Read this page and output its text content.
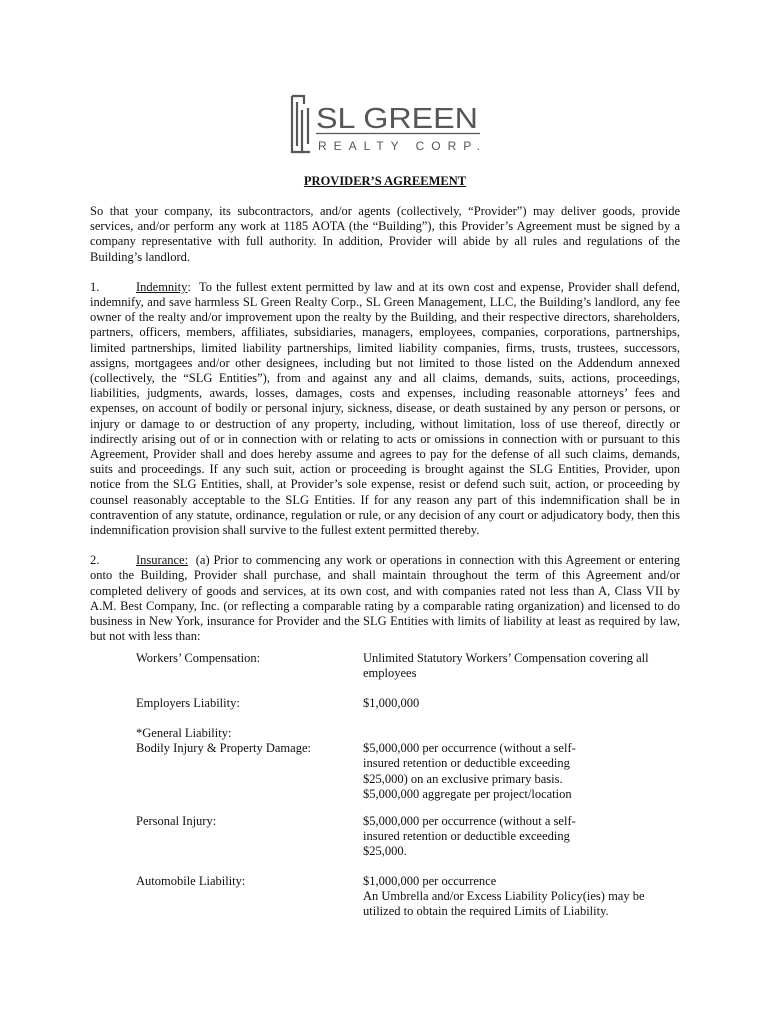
SL GREEN
REALTY CORP.
PROVIDER’S AGREEMENT

So that your company, its subcontractors, and/or agents (collectively, “Provider”) may deliver goods, provide services, and/or perform any work at 1185 AOTA (the “Building”), this Provider’s Agreement must be signed by a company representative with full authority. In addition, Provider will abide by all rules and regulations of the Building’s landlord.

1.	Indemnity:  To the fullest extent permitted by law and at its own cost and expense, Provider shall defend, indemnify, and save harmless SL Green Realty Corp., SL Green Management, LLC, the Building’s landlord, any fee owner of the realty and/or improvement upon the realty by the Building, and their respective directors, shareholders, partners, officers, members, affiliates, subsidiaries, managers, employees, companies, corporations, partnerships, limited partnerships, limited liability partnerships, limited liability companies, firms, trusts, trustees, successors, assigns, mortgagees and/or other designees, including but not limited to those listed on the Addendum annexed (collectively, the “SLG Entities”), from and against any and all claims, demands, suits, actions, proceedings, liabilities, judgments, awards, losses, damages, costs and expenses, including reasonable attorneys’ fees and expenses, on account of bodily or personal injury, sickness, disease, or death sustained by any person or persons, or injury or damage to or destruction of any property, including, without limitation, loss of use thereof, directly or indirectly arising out of or in connection with or relating to acts or omissions in connection with or pursuant to this Agreement, Provider shall and does hereby assume and agrees to pay for the defense of all such claims, demands, suits and proceedings. If any such suit, action or proceeding is brought against the SLG Entities, Provider, upon notice from the SLG Entities, shall, at Provider’s sole expense, resist or defend such suit, action, or proceeding by counsel reasonably acceptable to the SLG Entities. If for any reason any part of this indemnification shall be in contravention of any statute, ordinance, regulation or rule, or any decision of any court or adjudicatory body, then this indemnification provision shall survive to the fullest extent permitted thereby.

2.	Insurance: (a) Prior to commencing any work or operations in connection with this Agreement or entering onto the Building, Provider shall purchase, and shall maintain throughout the term of this Agreement and/or completed delivery of goods and services, at its own cost, and with companies rated not less than A, Class VII by A.M. Best Company, Inc. (or reflecting a comparable rating by a comparable rating organization) and licensed to do business in New York, insurance for Provider and the SLG Entities with limits of liability at least as required by law, but not with less than:

Workers’ Compensation:	Unlimited Statutory Workers’ Compensation covering all employees
Employers Liability:	$1,000,000
*General Liability:
Bodily Injury & Property Damage:	
$5,000,000 per occurrence (without a self-
insured retention or deductible exceeding
$25,000) on an exclusive primary basis.
$5,000,000 aggregate per project/location
Personal Injury:	$5,000,000 per occurrence (without a self-
insured retention or deductible exceeding
$25,000.
Automobile Liability:	$1,000,000 per occurrence
An Umbrella and/or Excess Liability Policy(ies) may be
utilized to obtain the required Limits of Liability.
